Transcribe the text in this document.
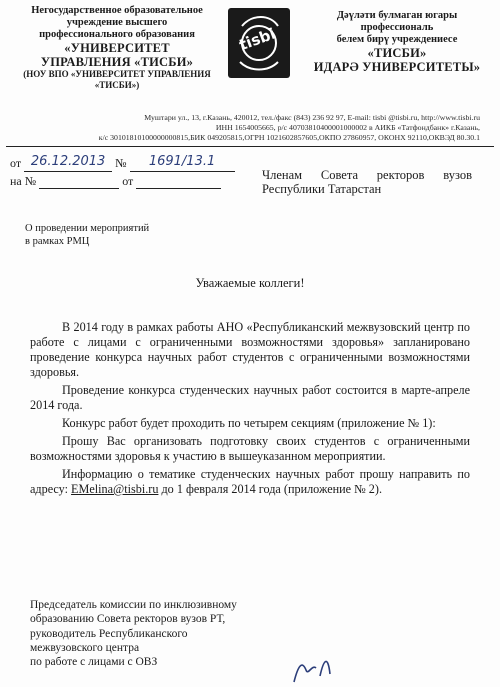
Негосударственное образовательное
учреждение высшего
профессионального образования
«УНИВЕРСИТЕТ
УПРАВЛЕНИЯ «ТИСБИ»
(НОУ ВПО «УНИВЕРСИТЕТ УПРАВЛЕНИЯ
«ТИСБИ»)
tisbi
Дәүләти булмаган югары
профессиональ
белем бирү учреждениесе
«ТИСБИ»
ИДАРӘ УНИВЕРСИТЕТЫ»
Муштари ул., 13, г.Казань, 420012, тел./факс (843) 236 92 97, E-mail: tisbi @tisbi.ru, http://www.tisbi.ru
ИНН 1654005665, р/с 40703810400001000002 в АИКБ «Татфондбанк» г.Казань,
к/с 30101810100000000815,БИК 049205815,ОГРН 1021602857605,ОКПО 27860957, ОКОНХ 92110,ОКВЭД 80.30.1
от 26.12.2013 № 1691/13.1
на №	от	Членам Совета ректоров вузов Республики Татарстан
О проведении мероприятий
в рамках РМЦ
Уважаемые коллеги!

В 2014 году в рамках работы АНО «Республиканский межвузовский центр по работе с лицами с ограниченными возможностями здоровья» запланировано проведение конкурса научных работ студентов с ограниченными возможностями здоровья.

Проведение конкурса студенческих научных работ состоится в марте-апреле 2014 года.

Конкурс работ будет проходить по четырем секциям (приложение № 1):

Прошу Вас организовать подготовку своих студентов с ограниченными возможностями здоровья к участию в вышеуказанном мероприятии.

Информацию о тематике студенческих научных работ прошу направить по адресу: EMelina@tisbi.ru до 1 февраля 2014 года (приложение № 2).

Председатель комиссии по инклюзивному
образованию Совета ректоров вузов РТ,
руководитель Республиканского
межвузовского центра
по работе с лицами с ОВЗ
